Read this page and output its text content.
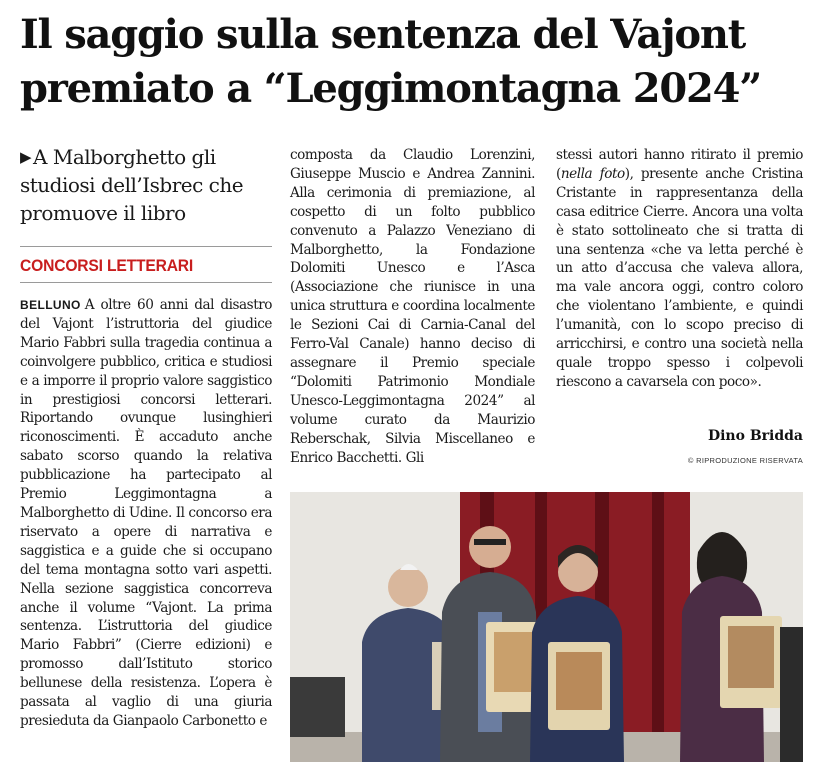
Il saggio sulla sentenza del Vajont premiato a “Leggimontagna 2024”
▶ A Malborghetto gli studiosi dell’Isbrec che promuove il libro
CONCORSI LETTERARI
BELLUNO A oltre 60 anni dal disastro del Vajont l’istruttoria del giudice Mario Fabbri sulla tragedia continua a coinvolgere pubblico, critica e studiosi e a imporre il proprio valore saggistico in prestigiosi concorsi letterari. Riportando ovunque lusinghieri riconoscimenti. È accaduto anche sabato scorso quando la relativa pubblicazione ha partecipato al Premio Leggimontagna a Malborghetto di Udine. Il concorso era riservato a opere di narrativa e saggistica e a guide che si occupano del tema montagna sotto vari aspetti. Nella sezione saggistica concorreva anche il volume “Vajont. La prima sentenza. L’istruttoria del giudice Mario Fabbri” (Cierre edizioni) e promosso dall’Istituto storico bellunese della resistenza. L’opera è passata al vaglio di una giuria presieduta da Gianpaolo Carbonetto e
composta da Claudio Lorenzini, Giuseppe Muscio e Andrea Zannini. Alla cerimonia di premiazione, al cospetto di un folto pubblico convenuto a Palazzo Veneziano di Malborghetto, la Fondazione Dolomiti Unesco e l’Asca (Associazione che riunisce in una unica struttura e coordina localmente le Sezioni Cai di Carnia-Canal del Ferro-Val Canale) hanno deciso di assegnare il Premio speciale “Dolomiti Patrimonio Mondiale Unesco-Leggimontagna 2024” al volume curato da Maurizio Reberschak, Silvia Miscellaneo e Enrico Bacchetti. Gli
stessi autori hanno ritirato il premio (nella foto), presente anche Cristina Cristante in rappresentanza della casa editrice Cierre. Ancora una volta è stato sottolineato che si tratta di una sentenza «che va letta perché è un atto d’accusa che valeva allora, ma vale ancora oggi, contro coloro che violentano l’ambiente, e quindi l’umanità, con lo scopo preciso di arricchirsi, e contro una società nella quale troppo spesso i colpevoli riescono a cavarsela con poco».
Dino Bridda
© RIPRODUZIONE RISERVATA
